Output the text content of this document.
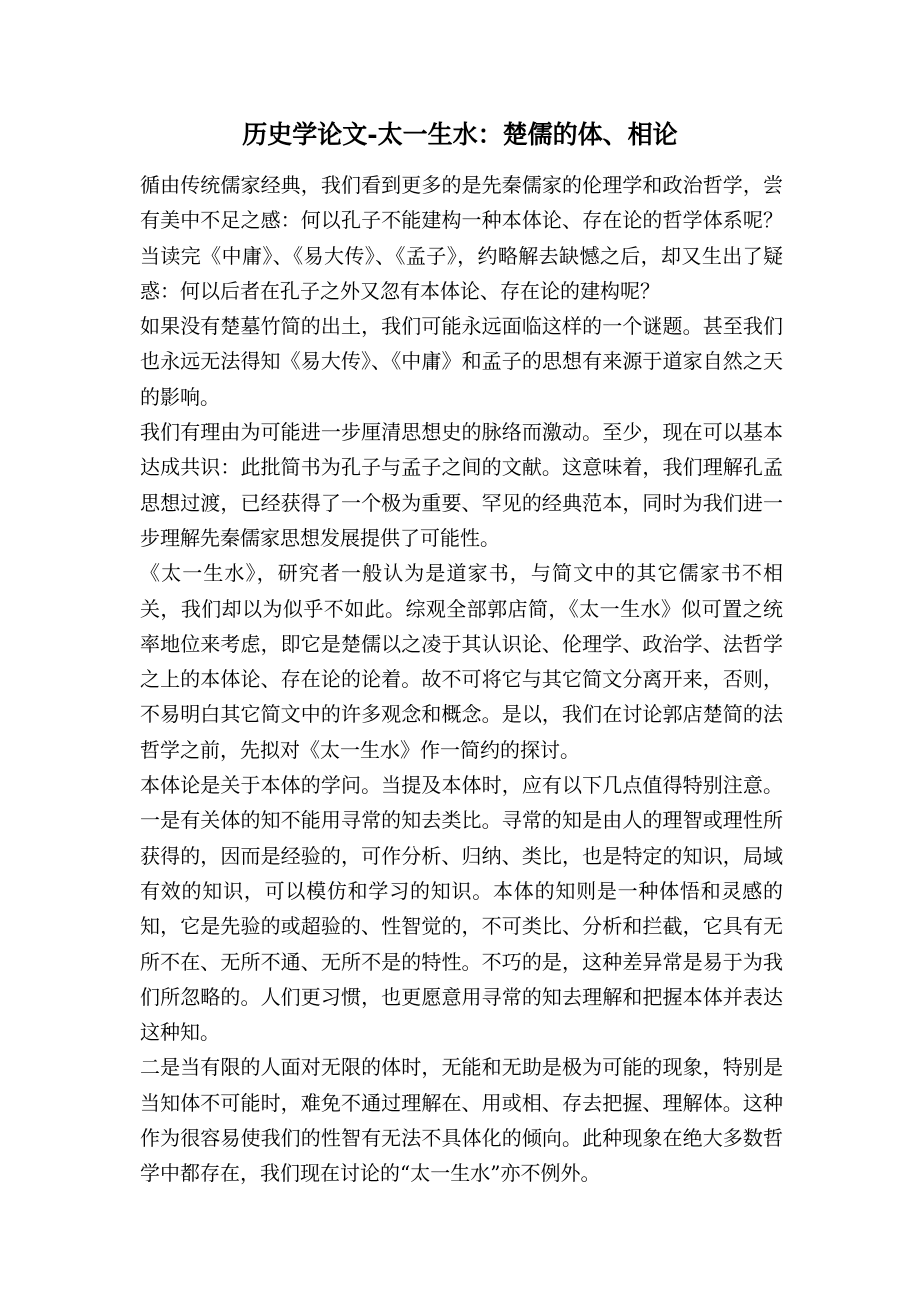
历史学论文-太一生水：楚儒的体、相论

循由传统儒家经典，我们看到更多的是先秦儒家的伦理学和政治哲学，尝有美中不足之感：何以孔子不能建构一种本体论、存在论的哲学体系呢？当读完《中庸》、《易大传》、《孟子》，约略解去缺憾之后，却又生出了疑惑：何以后者在孔子之外又忽有本体论、存在论的建构呢？

如果没有楚墓竹简的出土，我们可能永远面临这样的一个谜题。甚至我们也永远无法得知《易大传》、《中庸》和孟子的思想有来源于道家自然之天的影响。

我们有理由为可能进一步厘清思想史的脉络而激动。至少，现在可以基本达成共识：此批简书为孔子与孟子之间的文献。这意味着，我们理解孔孟思想过渡，已经获得了一个极为重要、罕见的经典范本，同时为我们进一步理解先秦儒家思想发展提供了可能性。

《太一生水》，研究者一般认为是道家书，与简文中的其它儒家书不相关，我们却以为似乎不如此。综观全部郭店简，《太一生水》似可置之统率地位来考虑，即它是楚儒以之凌于其认识论、伦理学、政治学、法哲学之上的本体论、存在论的论着。故不可将它与其它简文分离开来，否则，不易明白其它简文中的许多观念和概念。是以，我们在讨论郭店楚简的法哲学之前，先拟对《太一生水》作一简约的探讨。

本体论是关于本体的学问。当提及本体时，应有以下几点值得特别注意。一是有关体的知不能用寻常的知去类比。寻常的知是由人的理智或理性所获得的，因而是经验的，可作分析、归纳、类比，也是特定的知识，局域有效的知识，可以模仿和学习的知识。本体的知则是一种体悟和灵感的知，它是先验的或超验的、性智觉的，不可类比、分析和拦截，它具有无所不在、无所不通、无所不是的特性。不巧的是，这种差异常是易于为我们所忽略的。人们更习惯，也更愿意用寻常的知去理解和把握本体并表达这种知。

二是当有限的人面对无限的体时，无能和无助是极为可能的现象，特别是当知体不可能时，难免不通过理解在、用或相、存去把握、理解体。这种作为很容易使我们的性智有无法不具体化的倾向。此种现象在绝大多数哲学中都存在，我们现在讨论的“太一生水”亦不例外。
